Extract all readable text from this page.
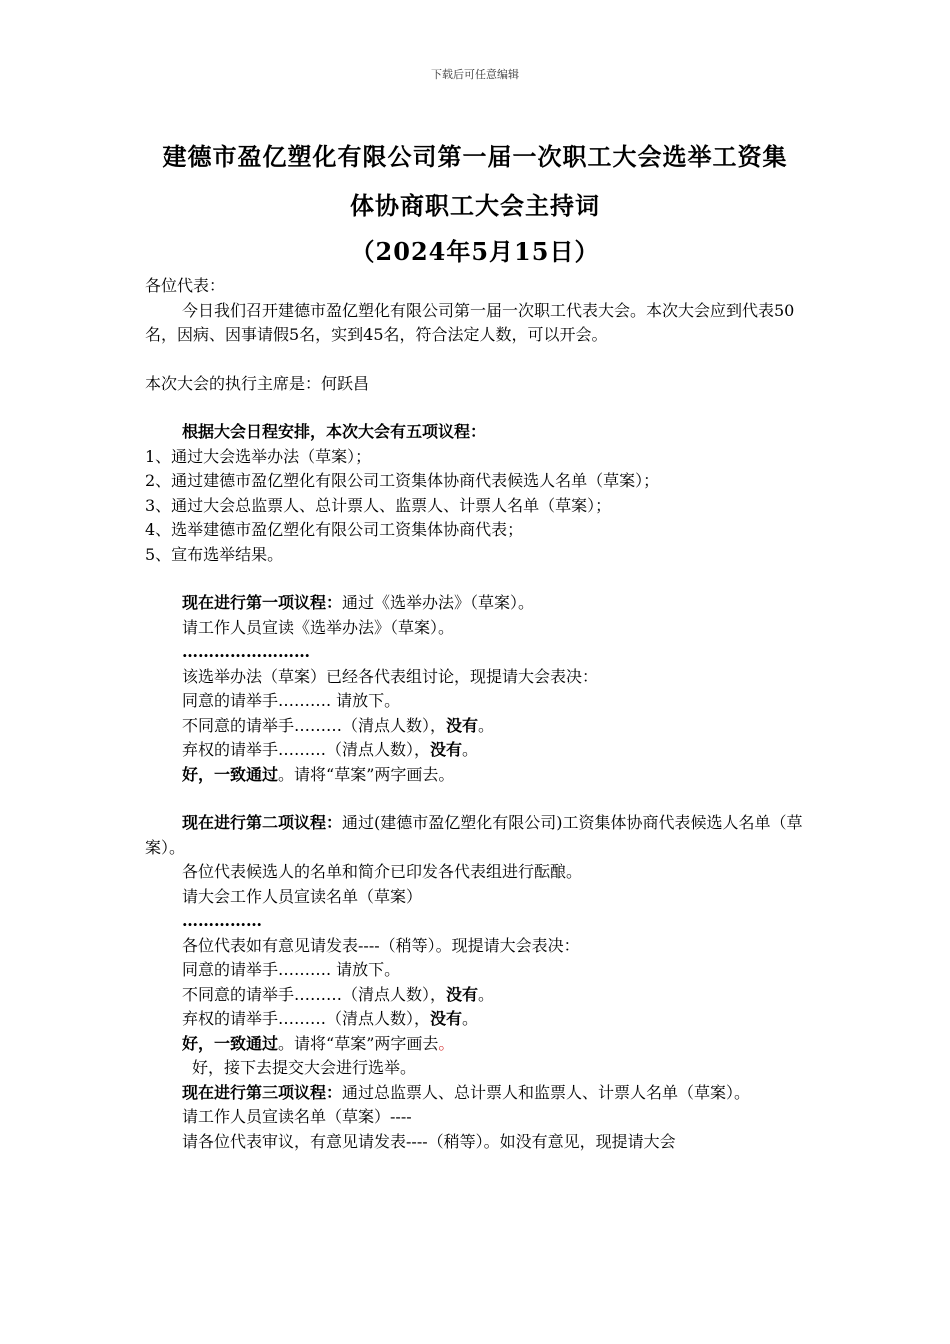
下载后可任意编辑
建德市盈亿塑化有限公司第一届一次职工大会选举工资集
体协商职工大会主持词
（2024年5月15日）

各位代表：

今日我们召开建德市盈亿塑化有限公司第一届一次职工代表大会。本次大会应到代表50名，因病、因事请假5名，实到45名，符合法定人数，可以开会。

本次大会的执行主席是：何跃昌

根据大会日程安排，本次大会有五项议程：

1、通过大会选举办法（草案）；

2、通过建德市盈亿塑化有限公司工资集体协商代表候选人名单（草案）；

3、通过大会总监票人、总计票人、监票人、计票人名单（草案）；

4、选举建德市盈亿塑化有限公司工资集体协商代表；

5、宣布选举结果。

现在进行第一项议程：通过《选举办法》（草案）。

请工作人员宣读《选举办法》（草案）。

……………………

该选举办法（草案）已经各代表组讨论，现提请大会表决：

同意的请举手………. 请放下。

不同意的请举手………（清点人数），没有。

弃权的请举手………（清点人数），没有。

好，一致通过。请将“草案”两字画去。

现在进行第二项议程：通过(建德市盈亿塑化有限公司)工资集体协商代表候选人名单（草案）。

各位代表候选人的名单和简介已印发各代表组进行酝酿。

请大会工作人员宣读名单（草案）

……………

各位代表如有意见请发表----（稍等）。现提请大会表决：

同意的请举手………. 请放下。

不同意的请举手………（清点人数），没有。

弃权的请举手………（清点人数），没有。

好，一致通过。请将“草案”两字画去。

好，接下去提交大会进行选举。

现在进行第三项议程：通过总监票人、总计票人和监票人、计票人名单（草案）。

请工作人员宣读名单（草案）----

请各位代表审议，有意见请发表----（稍等）。如没有意见，现提请大会
